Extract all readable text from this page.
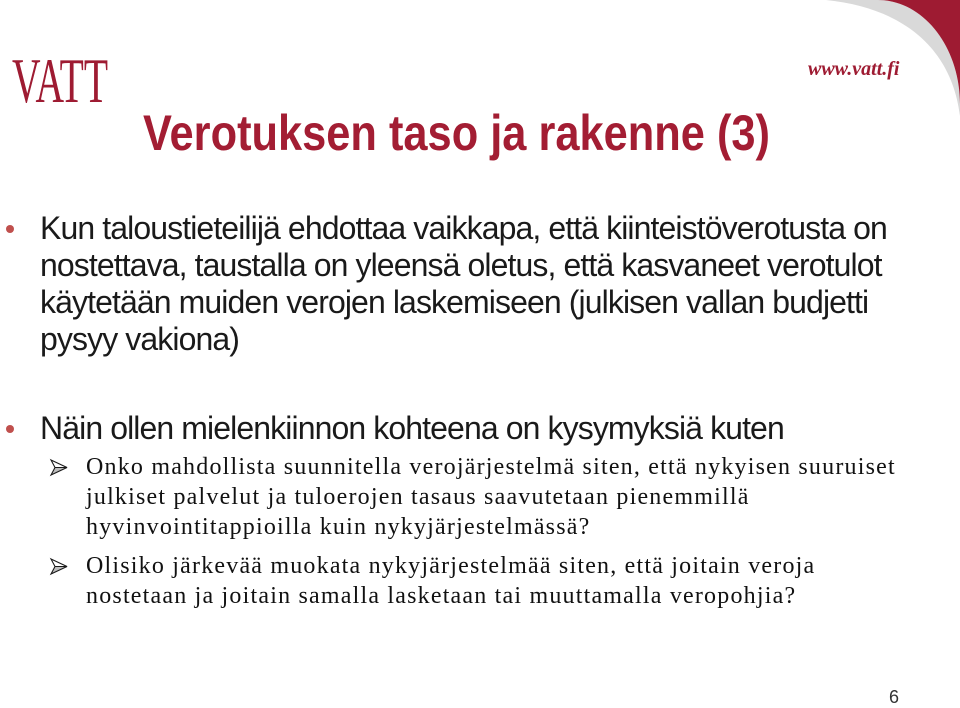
VATT	www.vatt.fi
Verotuksen taso ja rakenne (3)
Kun taloustieteilijä ehdottaa vaikkapa, että kiinteistöverotusta on
nostettava, taustalla on yleensä oletus, että kasvaneet verotulot
käytetään muiden verojen laskemiseen (julkisen vallan budjetti
pysyy vakiona)
Näin ollen mielenkiinnon kohteena on kysymyksiä kuten
Onko mahdollista suunnitella verojärjestelmä siten, että nykyisen suuruiset
julkiset palvelut ja tuloerojen tasaus saavutetaan pienemmillä
hyvinvointitappioilla kuin nykyjärjestelmässä?
Olisiko järkevää muokata nykyjärjestelmää siten, että joitain veroja
nostetaan ja joitain samalla lasketaan tai muuttamalla veropohjia?
6
